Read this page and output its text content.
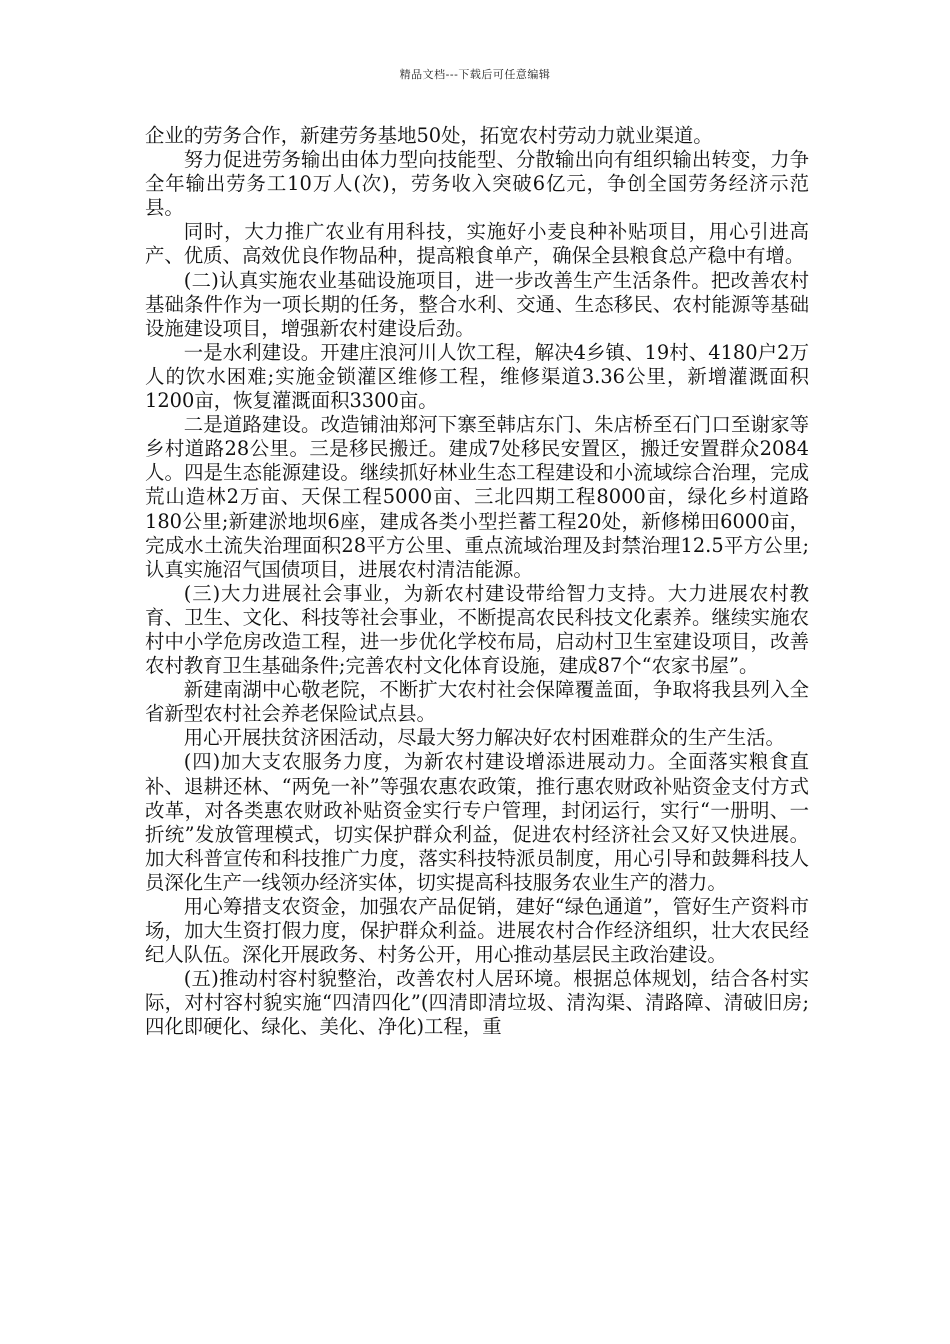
精品文档---下载后可任意编辑

企业的劳务合作，新建劳务基地50处，拓宽农村劳动力就业渠道。

努力促进劳务输出由体力型向技能型、分散输出向有组织输出转变，力争全年输出劳务工10万人(次)，劳务收入突破6亿元，争创全国劳务经济示范县。

同时，大力推广农业有用科技，实施好小麦良种补贴项目，用心引进高产、优质、高效优良作物品种，提高粮食单产，确保全县粮食总产稳中有增。

(二)认真实施农业基础设施项目，进一步改善生产生活条件。把改善农村基础条件作为一项长期的任务，整合水利、交通、生态移民、农村能源等基础设施建设项目，增强新农村建设后劲。

一是水利建设。开建庄浪河川人饮工程，解决4乡镇、19村、4180户2万人的饮水困难;实施金锁灌区维修工程，维修渠道3.36公里，新增灌溉面积1200亩，恢复灌溉面积3300亩。

二是道路建设。改造铺油郑河下寨至韩店东门、朱店桥至石门口至谢家等乡村道路28公里。三是移民搬迁。建成7处移民安置区，搬迁安置群众2084人。四是生态能源建设。继续抓好林业生态工程建设和小流域综合治理，完成荒山造林2万亩、天保工程5000亩、三北四期工程8000亩，绿化乡村道路180公里;新建淤地坝6座，建成各类小型拦蓄工程20处，新修梯田6000亩，完成水土流失治理面积28平方公里、重点流域治理及封禁治理12.5平方公里;认真实施沼气国债项目，进展农村清洁能源。

(三)大力进展社会事业，为新农村建设带给智力支持。大力进展农村教育、卫生、文化、科技等社会事业，不断提高农民科技文化素养。继续实施农村中小学危房改造工程，进一步优化学校布局，启动村卫生室建设项目，改善农村教育卫生基础条件;完善农村文化体育设施，建成87个“农家书屋”。

新建南湖中心敬老院，不断扩大农村社会保障覆盖面，争取将我县列入全省新型农村社会养老保险试点县。

用心开展扶贫济困活动，尽最大努力解决好农村困难群众的生产生活。

(四)加大支农服务力度，为新农村建设增添进展动力。全面落实粮食直补、退耕还林、“两免一补”等强农惠农政策，推行惠农财政补贴资金支付方式改革，对各类惠农财政补贴资金实行专户管理，封闭运行，实行“一册明、一折统”发放管理模式，切实保护群众利益，促进农村经济社会又好又快进展。加大科普宣传和科技推广力度，落实科技特派员制度，用心引导和鼓舞科技人员深化生产一线领办经济实体，切实提高科技服务农业生产的潜力。

用心筹措支农资金，加强农产品促销，建好“绿色通道”，管好生产资料市场，加大生资打假力度，保护群众利益。进展农村合作经济组织，壮大农民经纪人队伍。深化开展政务、村务公开，用心推动基层民主政治建设。

(五)推动村容村貌整治，改善农村人居环境。根据总体规划，结合各村实际，对村容村貌实施“四清四化”(四清即清垃圾、清沟渠、清路障、清破旧房;四化即硬化、绿化、美化、净化)工程，重
